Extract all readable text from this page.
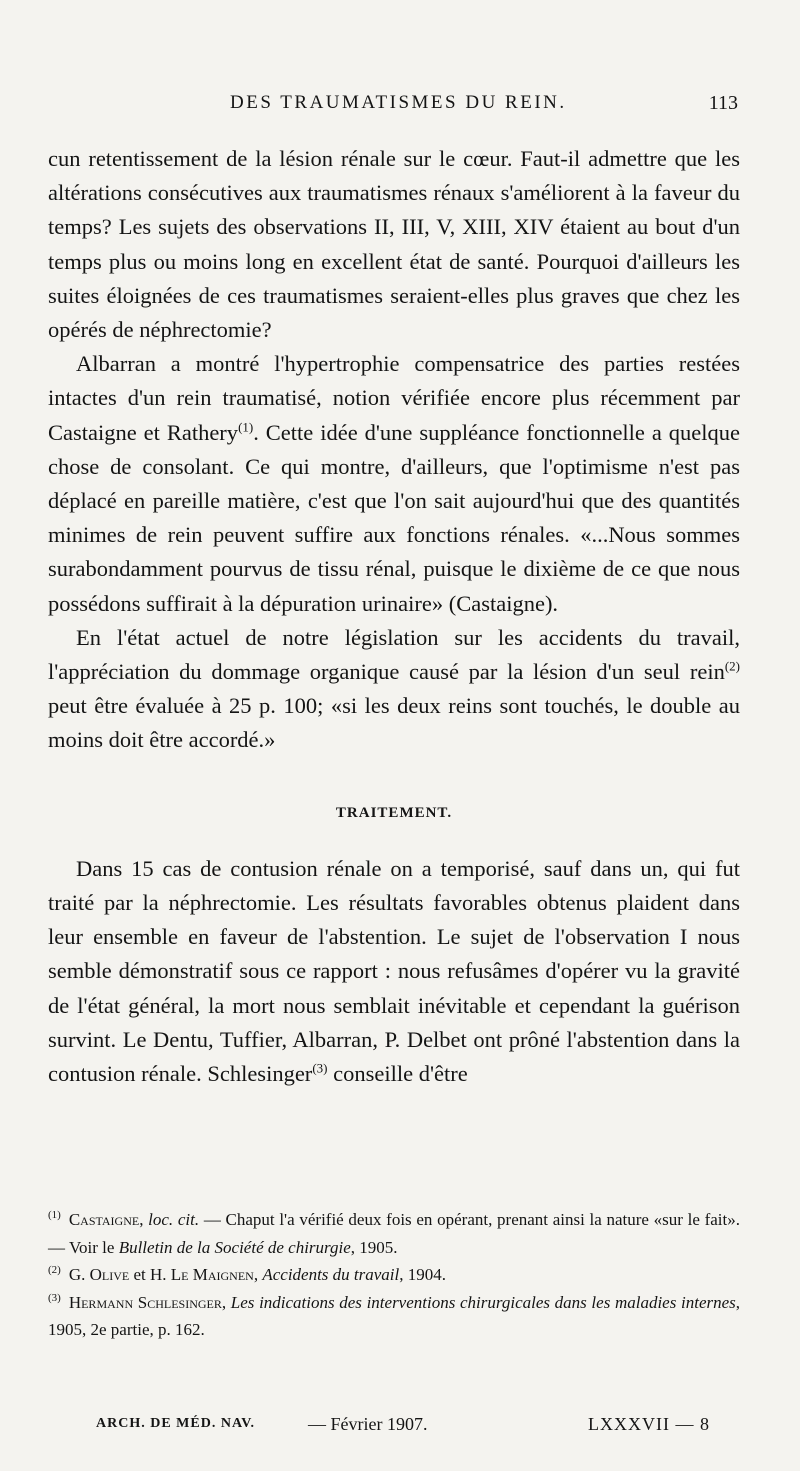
DES TRAUMATISMES DU REIN.	113

cun retentissement de la lésion rénale sur le cœur. Faut-il admettre que les altérations consécutives aux traumatismes rénaux s'améliorent à la faveur du temps? Les sujets des observations II, III, V, XIII, XIV étaient au bout d'un temps plus ou moins long en excellent état de santé. Pourquoi d'ailleurs les suites éloignées de ces traumatismes seraient-elles plus graves que chez les opérés de néphrectomie?

Albarran a montré l'hypertrophie compensatrice des parties restées intactes d'un rein traumatisé, notion vérifiée encore plus récemment par Castaigne et Rathery$^{(1)}$. Cette idée d'une suppléance fonctionnelle a quelque chose de consolant. Ce qui montre, d'ailleurs, que l'optimisme n'est pas déplacé en pareille matière, c'est que l'on sait aujourd'hui que des quantités minimes de rein peuvent suffire aux fonctions rénales. «...Nous sommes surabondamment pourvus de tissu rénal, puisque le dixième de ce que nous possédons suffirait à la dépuration urinaire» (Castaigne).

En l'état actuel de notre législation sur les accidents du travail, l'appréciation du dommage organique causé par la lésion d'un seul rein$^{(2)}$ peut être évaluée à 25 p. 100; «si les deux reins sont touchés, le double au moins doit être accordé.»

TRAITEMENT.

Dans 15 cas de contusion rénale on a temporisé, sauf dans un, qui fut traité par la néphrectomie. Les résultats favorables obtenus plaident dans leur ensemble en faveur de l'abstention. Le sujet de l'observation I nous semble démonstratif sous ce rapport : nous refusâmes d'opérer vu la gravité de l'état général, la mort nous semblait inévitable et cependant la guérison survint. Le Dentu, Tuffier, Albarran, P. Delbet ont prôné l'abstention dans la contusion rénale. Schlesinger$^{(3)}$ conseille d'être

$^{(1)}$ Castaigne, loc. cit. — Chaput l'a vérifié deux fois en opérant, prenant ainsi la nature «sur le fait». — Voir le Bulletin de la Société de chirurgie, 1905.

$^{(2)}$ G. Olive et H. Le Maignen, Accidents du travail, 1904.

$^{(3)}$ Hermann Schlesinger, Les indications des interventions chirurgicales dans les maladies internes, 1905, 2e partie, p. 162.

ARCH. DE MÉD. NAV.	— Février 1907.	LXXXVII — 8
